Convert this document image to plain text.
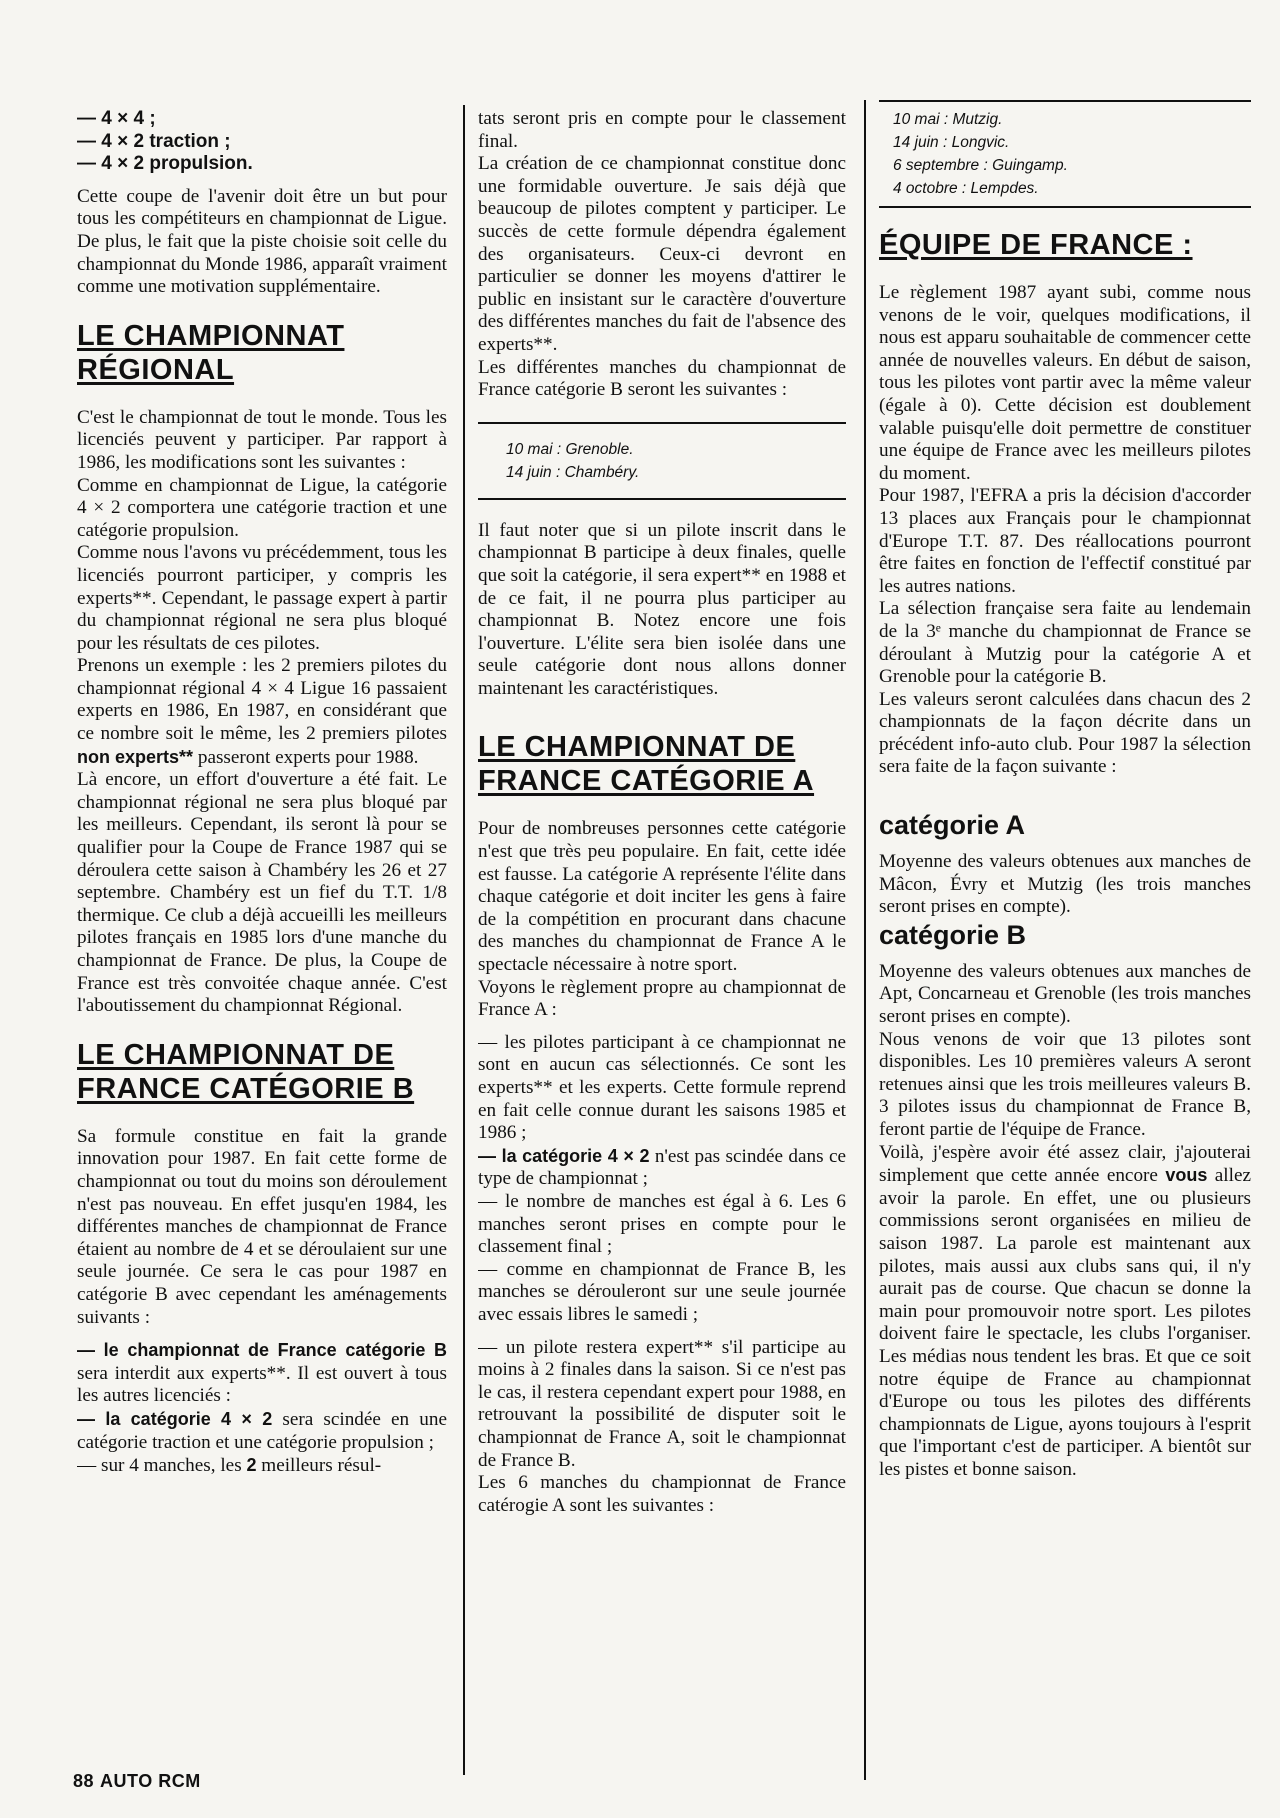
— 4 × 4 ;

— 4 × 2 traction ;

— 4 × 2 propulsion.

Cette coupe de l'avenir doit être un but pour tous les compétiteurs en championnat de Ligue. De plus, le fait que la piste choisie soit celle du championnat du Monde 1986, apparaît vraiment comme une motivation supplémentaire.

LE CHAMPIONNAT RÉGIONAL

C'est le championnat de tout le monde. Tous les licenciés peuvent y participer. Par rapport à 1986, les modifications sont les suivantes :

Comme en championnat de Ligue, la catégorie 4 × 2 comportera une catégorie traction et une catégorie propulsion.

Comme nous l'avons vu précédemment, tous les licenciés pourront participer, y compris les experts**. Cependant, le passage expert à partir du championnat régional ne sera plus bloqué pour les résultats de ces pilotes.

Prenons un exemple : les 2 premiers pilotes du championnat régional 4 × 4 Ligue 16 passaient experts en 1986, En 1987, en considérant que ce nombre soit le même, les 2 premiers pilotes non experts** passeront experts pour 1988.

Là encore, un effort d'ouverture a été fait. Le championnat régional ne sera plus bloqué par les meilleurs. Cependant, ils seront là pour se qualifier pour la Coupe de France 1987 qui se déroulera cette saison à Chambéry les 26 et 27 septembre. Chambéry est un fief du T.T. 1/8 thermique. Ce club a déjà accueilli les meilleurs pilotes français en 1985 lors d'une manche du championnat de France. De plus, la Coupe de France est très convoitée chaque année. C'est l'aboutissement du championnat Régional.

LE CHAMPIONNAT DE FRANCE CATÉGORIE B

Sa formule constitue en fait la grande innovation pour 1987. En fait cette forme de championnat ou tout du moins son déroulement n'est pas nouveau. En effet jusqu'en 1984, les différentes manches de championnat de France étaient au nombre de 4 et se déroulaient sur une seule journée. Ce sera le cas pour 1987 en catégorie B avec cependant les aménagements suivants :

— le championnat de France catégorie B sera interdit aux experts**. Il est ouvert à tous les autres licenciés :

— la catégorie 4 × 2 sera scindée en une catégorie traction et une catégorie propulsion ;

— sur 4 manches, les 2 meilleurs résul-

tats seront pris en compte pour le classement final.

La création de ce championnat constitue donc une formidable ouverture. Je sais déjà que beaucoup de pilotes comptent y participer. Le succès de cette formule dépendra également des organisateurs. Ceux-ci devront en particulier se donner les moyens d'attirer le public en insistant sur le caractère d'ouverture des différentes manches du fait de l'absence des experts**.

Les différentes manches du championnat de France catégorie B seront les suivantes :

10 mai : Grenoble.
14 juin : Chambéry.

Il faut noter que si un pilote inscrit dans le championnat B participe à deux finales, quelle que soit la catégorie, il sera expert** en 1988 et de ce fait, il ne pourra plus participer au championnat B. Notez encore une fois l'ouverture. L'élite sera bien isolée dans une seule catégorie dont nous allons donner maintenant les caractéristiques.

LE CHAMPIONNAT DE FRANCE CATÉGORIE A

Pour de nombreuses personnes cette catégorie n'est que très peu populaire. En fait, cette idée est fausse. La catégorie A représente l'élite dans chaque catégorie et doit inciter les gens à faire de la compétition en procurant dans chacune des manches du championnat de France A le spectacle nécessaire à notre sport.

Voyons le règlement propre au championnat de France A :

— les pilotes participant à ce championnat ne sont en aucun cas sélectionnés. Ce sont les experts** et les experts. Cette formule reprend en fait celle connue durant les saisons 1985 et 1986 ;

— la catégorie 4 × 2 n'est pas scindée dans ce type de championnat ;

— le nombre de manches est égal à 6. Les 6 manches seront prises en compte pour le classement final ;

— comme en championnat de France B, les manches se dérouleront sur une seule journée avec essais libres le samedi ;

— un pilote restera expert** s'il participe au moins à 2 finales dans la saison. Si ce n'est pas le cas, il restera cependant expert pour 1988, en retrouvant la possibilité de disputer soit le championnat de France A, soit le championnat de France B.

Les 6 manches du championnat de France catérogie A sont les suivantes :

10 mai : Mutzig.
14 juin : Longvic.
6 septembre : Guingamp.
4 octobre : Lempdes.
ÉQUIPE DE FRANCE :

Le règlement 1987 ayant subi, comme nous venons de le voir, quelques modifications, il nous est apparu souhaitable de commencer cette année de nouvelles valeurs. En début de saison, tous les pilotes vont partir avec la même valeur (égale à 0). Cette décision est doublement valable puisqu'elle doit permettre de constituer une équipe de France avec les meilleurs pilotes du moment.

Pour 1987, l'EFRA a pris la décision d'accorder 13 places aux Français pour le championnat d'Europe T.T. 87. Des réallocations pourront être faites en fonction de l'effectif constitué par les autres nations.

La sélection française sera faite au lendemain de la 3ᵉ manche du championnat de France se déroulant à Mutzig pour la catégorie A et Grenoble pour la catégorie B.

Les valeurs seront calculées dans chacun des 2 championnats de la façon décrite dans un précédent info-auto club. Pour 1987 la sélection sera faite de la façon suivante :

catégorie A

Moyenne des valeurs obtenues aux manches de Mâcon, Évry et Mutzig (les trois manches seront prises en compte).

catégorie B

Moyenne des valeurs obtenues aux manches de Apt, Concarneau et Grenoble (les trois manches seront prises en compte).

Nous venons de voir que 13 pilotes sont disponibles. Les 10 premières valeurs A seront retenues ainsi que les trois meilleures valeurs B. 3 pilotes issus du championnat de France B, feront partie de l'équipe de France.

Voilà, j'espère avoir été assez clair, j'ajouterai simplement que cette année encore vous allez avoir la parole. En effet, une ou plusieurs commissions seront organisées en milieu de saison 1987. La parole est maintenant aux pilotes, mais aussi aux clubs sans qui, il n'y aurait pas de course. Que chacun se donne la main pour promouvoir notre sport. Les pilotes doivent faire le spectacle, les clubs l'organiser. Les médias nous tendent les bras. Et que ce soit notre équipe de France au championnat d'Europe ou tous les pilotes des différents championnats de Ligue, ayons toujours à l'esprit que l'important c'est de participer. A bientôt sur les pistes et bonne saison.

88 AUTO RCM
